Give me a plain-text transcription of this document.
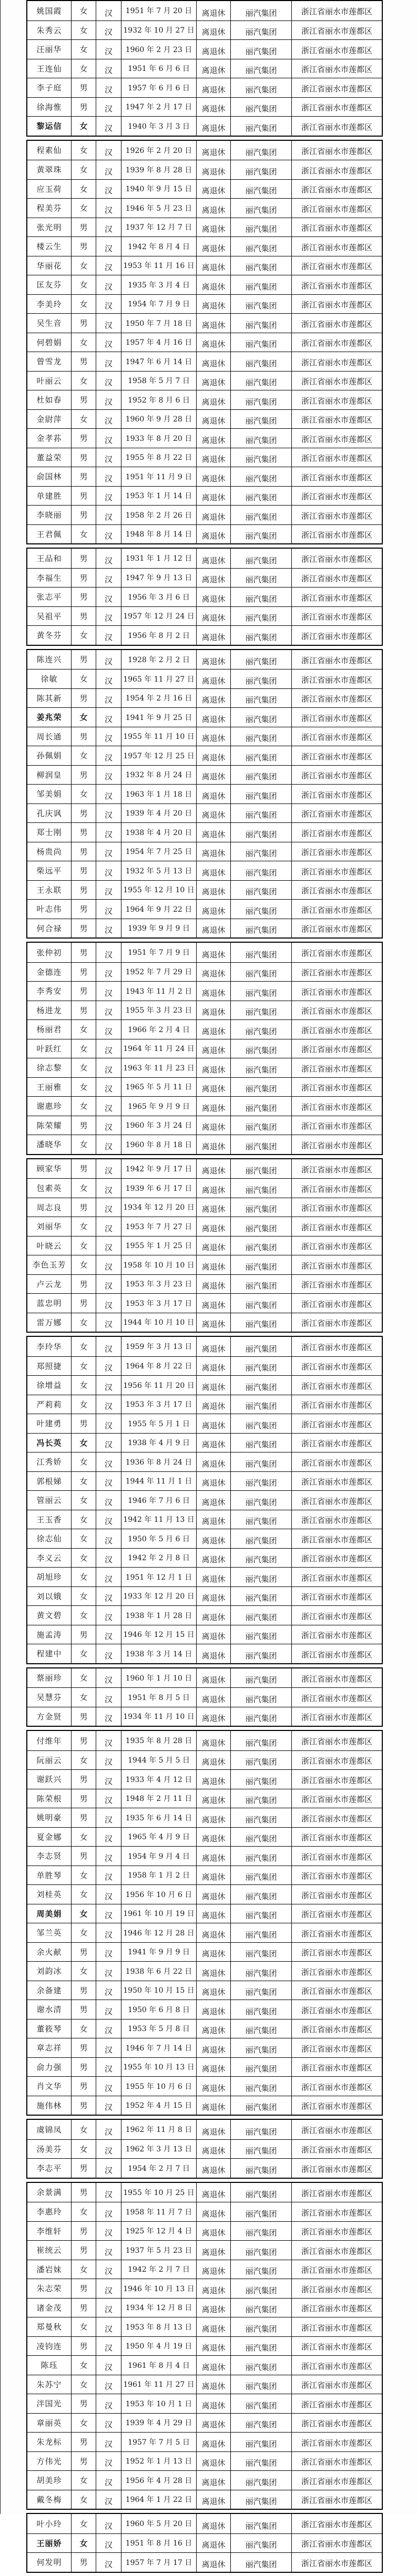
姚国霞	女	汉	1951 年 7 月 20 日	离退休	丽汽集团	浙江省丽水市莲都区
朱秀云	女	汉	1932 年 10 月 27 日 离退休	丽汽集团	浙江省丽水市莲都区
汪丽华	女	汉	1960 年 2 月 23 日	离退休	丽汽集团	浙江省丽水市莲都区
王连仙	女	汉	1951 年 6 月 6 日	离退休	丽汽集团	浙江省丽水市莲都区
李子庭	男	汉	1957 年 6 月 6 日	离退休	丽汽集团	浙江省丽水市莲都区
徐海惟	男	汉	1947 年 2 月 17 日	离退休	丽汽集团	浙江省丽水市莲都区
黎运信	女	汉	1940 年 3 月 3 日	离退休	丽汽集团	浙江省丽水市莲都区
程素仙	女	汉	1926 年 2 月 20 日	离退休	丽汽集团	浙江省丽水市莲都区
黄翠珠	女	汉	1939 年 8 月 28 日	离退休	丽汽集团	浙江省丽水市莲都区
应玉荷	女	汉	1940 年 9 月 15 日	离退休	丽汽集团	浙江省丽水市莲都区
程美芬	女	汉	1946 年 5 月 23 日	离退休	丽汽集团	浙江省丽水市莲都区
张光明	男	汉	1937 年 12 月 7 日	离退休	丽汽集团	浙江省丽水市莲都区
楼云生	男	汉	1942 年 8 月 4 日	离退休	丽汽集团	浙江省丽水市莲都区
华丽花	女	汉	1953 年 11 月 16 日 离退休	丽汽集团	浙江省丽水市莲都区
匡友芬	女	汉	1935 年 3 月 4 日	离退休	丽汽集团	浙江省丽水市莲都区
李美玲	女	汉	1954 年 7 月 9 日	离退休	丽汽集团	浙江省丽水市莲都区
吴生音	男	汉	1950 年 7 月 18 日	离退休	丽汽集团	浙江省丽水市莲都区
何碧娟	女	汉	1957 年 4 月 16 日	离退休	丽汽集团	浙江省丽水市莲都区
曾雪龙	男	汉	1947 年 6 月 14 日	离退休	丽汽集团	浙江省丽水市莲都区
叶丽云	女	汉	1958 年 5 月 7 日	离退休	丽汽集团	浙江省丽水市莲都区
杜如春	男	汉	1952 年 8 月 6 日	离退休	丽汽集团	浙江省丽水市莲都区
金尉萍	女	汉	1960 年 9 月 28 日	离退休	丽汽集团	浙江省丽水市莲都区
金孝荪	男	汉	1933 年 8 月 20 日	离退休	丽汽集团	浙江省丽水市莲都区
董益荣	男	汉	1955 年 8 月 22 日	离退休	丽汽集团	浙江省丽水市莲都区
俞国林	男	汉	1951 年 11 月 9 日	离退休	丽汽集团	浙江省丽水市莲都区
单建胜	男	汉	1953 年 1 月 14 日	离退休	丽汽集团	浙江省丽水市莲都区
李晓丽	男	汉	1958 年 2 月 26 日	离退休	丽汽集团	浙江省丽水市莲都区
王君佩	女	汉	1948 年 8 月 14 日	离退休	丽汽集团	浙江省丽水市莲都区
王品和	男	汉	1931 年 1 月 12 日	离退休	丽汽集团	浙江省丽水市莲都区
李福生	男	汉	1947 年 9 月 13 日	离退休	丽汽集团	浙江省丽水市莲都区
张志平	男	汉	1956 年 3 月 6 日	离退休	丽汽集团	浙江省丽水市莲都区
吴祖平	男	汉	1957 年 12 月 24 日 离退休	丽汽集团	浙江省丽水市莲都区
黄冬芬	女	汉	1956 年 8 月 2 日	离退休	丽汽集团	浙江省丽水市莲都区
陈连兴	男	汉	1928 年 2 月 2 日	离退休	丽汽集团	浙江省丽水市莲都区
徐敏	女	汉	1965 年 11 月 27 日 离退休	丽汽集团	浙江省丽水市莲都区
陈其新	男	汉	1954 年 2 月 16 日	离退休	丽汽集团	浙江省丽水市莲都区
姜兆荣	女	汉	1941 年 9 月 25 日	离退休	丽汽集团	浙江省丽水市莲都区
周长通	男	汉	1955 年 11 月 10 日 离退休	丽汽集团	浙江省丽水市莲都区
孙佩娟	女	汉	1957 年 12 月 25 日 离退休	丽汽集团	浙江省丽水市莲都区
柳润皇	男	汉	1932 年 8 月 24 日	离退休	丽汽集团	浙江省丽水市莲都区
邹美娟	女	汉	1963 年 1 月 18 日	离退休	丽汽集团	浙江省丽水市莲都区
孔庆讽	男	汉	1939 年 4 月 20 日	离退休	丽汽集团	浙江省丽水市莲都区
郑士刚	男	汉	1938 年 4 月 20 日	离退休	丽汽集团	浙江省丽水市莲都区
杨贵尚	男	汉	1954 年 7 月 25 日	离退休	丽汽集团	浙江省丽水市莲都区
柴远平	男	汉	1932 年 5 月 13 日	离退休	丽汽集团	浙江省丽水市莲都区
王永联	男	汉	1955 年 12 月 10 日 离退休	丽汽集团	浙江省丽水市莲都区
叶志伟	男	汉	1964 年 9 月 22 日	离退休	丽汽集团	浙江省丽水市莲都区
何合禄	男	汉	1939 年 9 月 9 日	离退休	丽汽集团	浙江省丽水市莲都区
张仲初	男	汉	1951 年 7 月 9 日	离退休	丽汽集团	浙江省丽水市莲都区
金德连	男	汉	1952 年 7 月 29 日	离退休	丽汽集团	浙江省丽水市莲都区
李秀安	男	汉	1943 年 11 月 2 日	离退休	丽汽集团	浙江省丽水市莲都区
杨进龙	男	汉	1955 年 3 月 23 日	离退休	丽汽集团	浙江省丽水市莲都区
杨丽君	女	汉	1966 年 2 月 4 日	离退休	丽汽集团	浙江省丽水市莲都区
叶跃红	女	汉	1964 年 11 月 24 日 离退休	丽汽集团	浙江省丽水市莲都区
徐志黎	女	汉	1963 年 11 月 23 日 离退休	丽汽集团	浙江省丽水市莲都区
王丽雅	女	汉	1965 年 5 月 11 日	离退休	丽汽集团	浙江省丽水市莲都区
谢惠珍	女	汉	1965 年 9 月 9 日	离退休	丽汽集团	浙江省丽水市莲都区
陈荣耀	男	汉	1960 年 3 月 24 日	离退休	丽汽集团	浙江省丽水市莲都区
潘晓华	女	汉	1960 年 8 月 18 日	离退休	丽汽集团	浙江省丽水市莲都区
顾家华	男	汉	1942 年 9 月 17 日	离退休	丽汽集团	浙江省丽水市莲都区
包素英	女	汉	1939 年 6 月 17 日	离退休	丽汽集团	浙江省丽水市莲都区
周志良	男	汉	1934 年 12 月 20 日 离退休	丽汽集团	浙江省丽水市莲都区
刘丽华	女	汉	1953 年 7 月 27 日	离退休	丽汽集团	浙江省丽水市莲都区
叶晓云	女	汉	1955 年 1 月 25 日	离退休	丽汽集团	浙江省丽水市莲都区
李色玉芳	女	汉	1958 年 10 月 10 日 离退休	丽汽集团	浙江省丽水市莲都区
卢云龙	男	汉	1953 年 3 月 23 日	离退休	丽汽集团	浙江省丽水市莲都区
蓝忠明	男	汉	1953 年 3 月 17 日	离退休	丽汽集团	浙江省丽水市莲都区
雷万娜	女	汉	1944 年 10 月 10 日 离退休	丽汽集团	浙江省丽水市莲都区
李玲华	女	汉	1959 年 3 月 13 日	离退休	丽汽集团	浙江省丽水市莲都区
郑照捷	女	汉	1964 年 8 月 22 日	离退休	丽汽集团	浙江省丽水市莲都区
徐增益	女	汉	1956 年 11 月 20 日 离退休	丽汽集团	浙江省丽水市莲都区
严莉莉	女	汉	1953 年 3 月 17 日	离退休	丽汽集团	浙江省丽水市莲都区
叶建勇	男	汉	1955 年 5 月 1 日	离退休	丽汽集团	浙江省丽水市莲都区
冯长英	女	汉	1938 年 4 月 9 日	离退休	丽汽集团	浙江省丽水市莲都区
江秀娇	女	汉	1936 年 8 月 24 日	离退休	丽汽集团	浙江省丽水市莲都区
郭根娣	女	汉	1944 年 11 月 1 日	离退休	丽汽集团	浙江省丽水市莲都区
管丽云	女	汉	1946 年 7 月 6 日	离退休	丽汽集团	浙江省丽水市莲都区
王玉香	女	汉	1942 年 11 月 13 日 离退休	丽汽集团	浙江省丽水市莲都区
徐志仙	女	汉	1950 年 5 月 6 日	离退休	丽汽集团	浙江省丽水市莲都区
李义云	女	汉	1942 年 2 月 8 日	离退休	丽汽集团	浙江省丽水市莲都区
胡旭珍	女	汉	1951 年 12 月 1 日	离退休	丽汽集团	浙江省丽水市莲都区
刘以娥	女	汉	1933 年 12 月 20 日 离退休	丽汽集团	浙江省丽水市莲都区
黄文碧	女	汉	1938 年 1 月 28 日	离退休	丽汽集团	浙江省丽水市莲都区
施孟涛	男	汉	1946 年 12 月 15 日 离退休	丽汽集团	浙江省丽水市莲都区
程建中	女	汉	1938 年 3 月 14 日	离退休	丽汽集团	浙江省丽水市莲都区
蔡丽珍	女	汉	1960 年 1 月 10 日	离退休	丽汽集团	浙江省丽水市莲都区
吴慧芬	女	汉	1951 年 8 月 5 日	离退休	丽汽集团	浙江省丽水市莲都区
方金贤	男	汉	1934 年 11 月 10 日 离退休	丽汽集团	浙江省丽水市莲都区
付维年	男	汉	1935 年 8 月 28 日	离退休	丽汽集团	浙江省丽水市莲都区
阮丽云	女	汉	1944 年 5 月 5 日	离退休	丽汽集团	浙江省丽水市莲都区
谢跃兴	男	汉	1933 年 4 月 12 日	离退休	丽汽集团	浙江省丽水市莲都区
陈荣根	男	汉	1948 年 2 月 11 日	离退休	丽汽集团	浙江省丽水市莲都区
姚明豪	男	汉	1935 年 6 月 14 日	离退休	丽汽集团	浙江省丽水市莲都区
夏金娜	女	汉	1965 年 4 月 9 日	离退休	丽汽集团	浙江省丽水市莲都区
李志贤	男	汉	1954 年 9 月 4 日	离退休	丽汽集团	浙江省丽水市莲都区
单胜琴	女	汉	1958 年 1 月 2 日	离退休	丽汽集团	浙江省丽水市莲都区
刘桂英	女	汉	1956 年 10 月 6 日	离退休	丽汽集团	浙江省丽水市莲都区
周美娟	女	汉	1961 年 10 月 19 日 离退休	丽汽集团	浙江省丽水市莲都区
邹兰英	女	汉	1946 年 12 月 28 日 离退休	丽汽集团	浙江省丽水市莲都区
余火献	男	汉	1941 年 9 月 9 日	离退休	丽汽集团	浙江省丽水市莲都区
刘韵冰	女	汉	1938 年 6 月 22 日	离退休	丽汽集团	浙江省丽水市莲都区
余备建	男	汉	1950 年 10 月 15 日 离退休	丽汽集团	浙江省丽水市莲都区
谢水清	男	汉	1950 年 6 月 8 日	离退休	丽汽集团	浙江省丽水市莲都区
董筱琴	女	汉	1953 年 5 月 8 日	离退休	丽汽集团	浙江省丽水市莲都区
章志祥	男	汉	1946 年 7 月 14 日	离退休	丽汽集团	浙江省丽水市莲都区
俞力强	男	汉	1955 年 10 月 13 日 离退休	丽汽集团	浙江省丽水市莲都区
肖文华	男	汉	1955 年 10 月 6 日	离退休	丽汽集团	浙江省丽水市莲都区
施伟林	男	汉	1952 年 4 月 15 日	离退休	丽汽集团	浙江省丽水市莲都区
虞锦凤	女	汉	1962 年 11 月 8 日	离退休	丽汽集团	浙江省丽水市莲都区
汤美芬	女	汉	1962 年 3 月 13 日	离退休	丽汽集团	浙江省丽水市莲都区
李志平	男	汉	1954 年 2 月 7 日	离退休	丽汽集团	浙江省丽水市莲都区
余景满	男	汉	1955 年 10 月 25 日 离退休	丽汽集团	浙江省丽水市莲都区
李惠玲	女	汉	1958 年 11 月 7 日	离退休	丽汽集团	浙江省丽水市莲都区
李维轩	男	汉	1925 年 12 月 4 日	离退休	丽汽集团	浙江省丽水市莲都区
崔统云	男	汉	1937 年 5 月 23 日	离退休	丽汽集团	浙江省丽水市莲都区
潘岩妹	女	汉	1942 年 2 月 7 日	离退休	丽汽集团	浙江省丽水市莲都区
朱志荣	男	汉	1946 年 10 月 13 日 离退休	丽汽集团	浙江省丽水市莲都区
诸金茂	男	汉	1934 年 12 月 8 日	离退休	丽汽集团	浙江省丽水市莲都区
郑曼秋	女	汉	1953 年 8 月 13 日	离退休	丽汽集团	浙江省丽水市莲都区
凌钧连	男	汉	1950 年 4 月 19 日	离退休	丽汽集团	浙江省丽水市莲都区
陈珏	女	汉	1961 年 8 月 4 日	离退休	丽汽集团	浙江省丽水市莲都区
朱苏宁	女	汉	1961 年 11 月 27 日 离退休	丽汽集团	浙江省丽水市莲都区
泮国光	男	汉	1953 年 10 月 1 日	离退休	丽汽集团	浙江省丽水市莲都区
章丽英	女	汉	1939 年 4 月 29 日	离退休	丽汽集团	浙江省丽水市莲都区
朱龙标	男	汉	1957 年 7 月 5 日	离退休	丽汽集团	浙江省丽水市莲都区
方伟光	男	汉	1952 年 1 月 13 日	离退休	丽汽集团	浙江省丽水市莲都区
胡美珍	女	汉	1956 年 4 月 28 日	离退休	丽汽集团	浙江省丽水市莲都区
戴冬梅	女	汉	1964 年 1 月 22 日	离退休	丽汽集团	浙江省丽水市莲都区
叶小玲	女	汉	1960 年 5 月 20 日	离退休	丽汽集团	浙江省丽水市莲都区
王丽娇	女	汉	1951 年 8 月 16 日	离退休	丽汽集团	浙江省丽水市莲都区
何发明	男	汉	1957 年 7 月 17 日	离退休	丽汽集团	浙江省丽水市莲都区
